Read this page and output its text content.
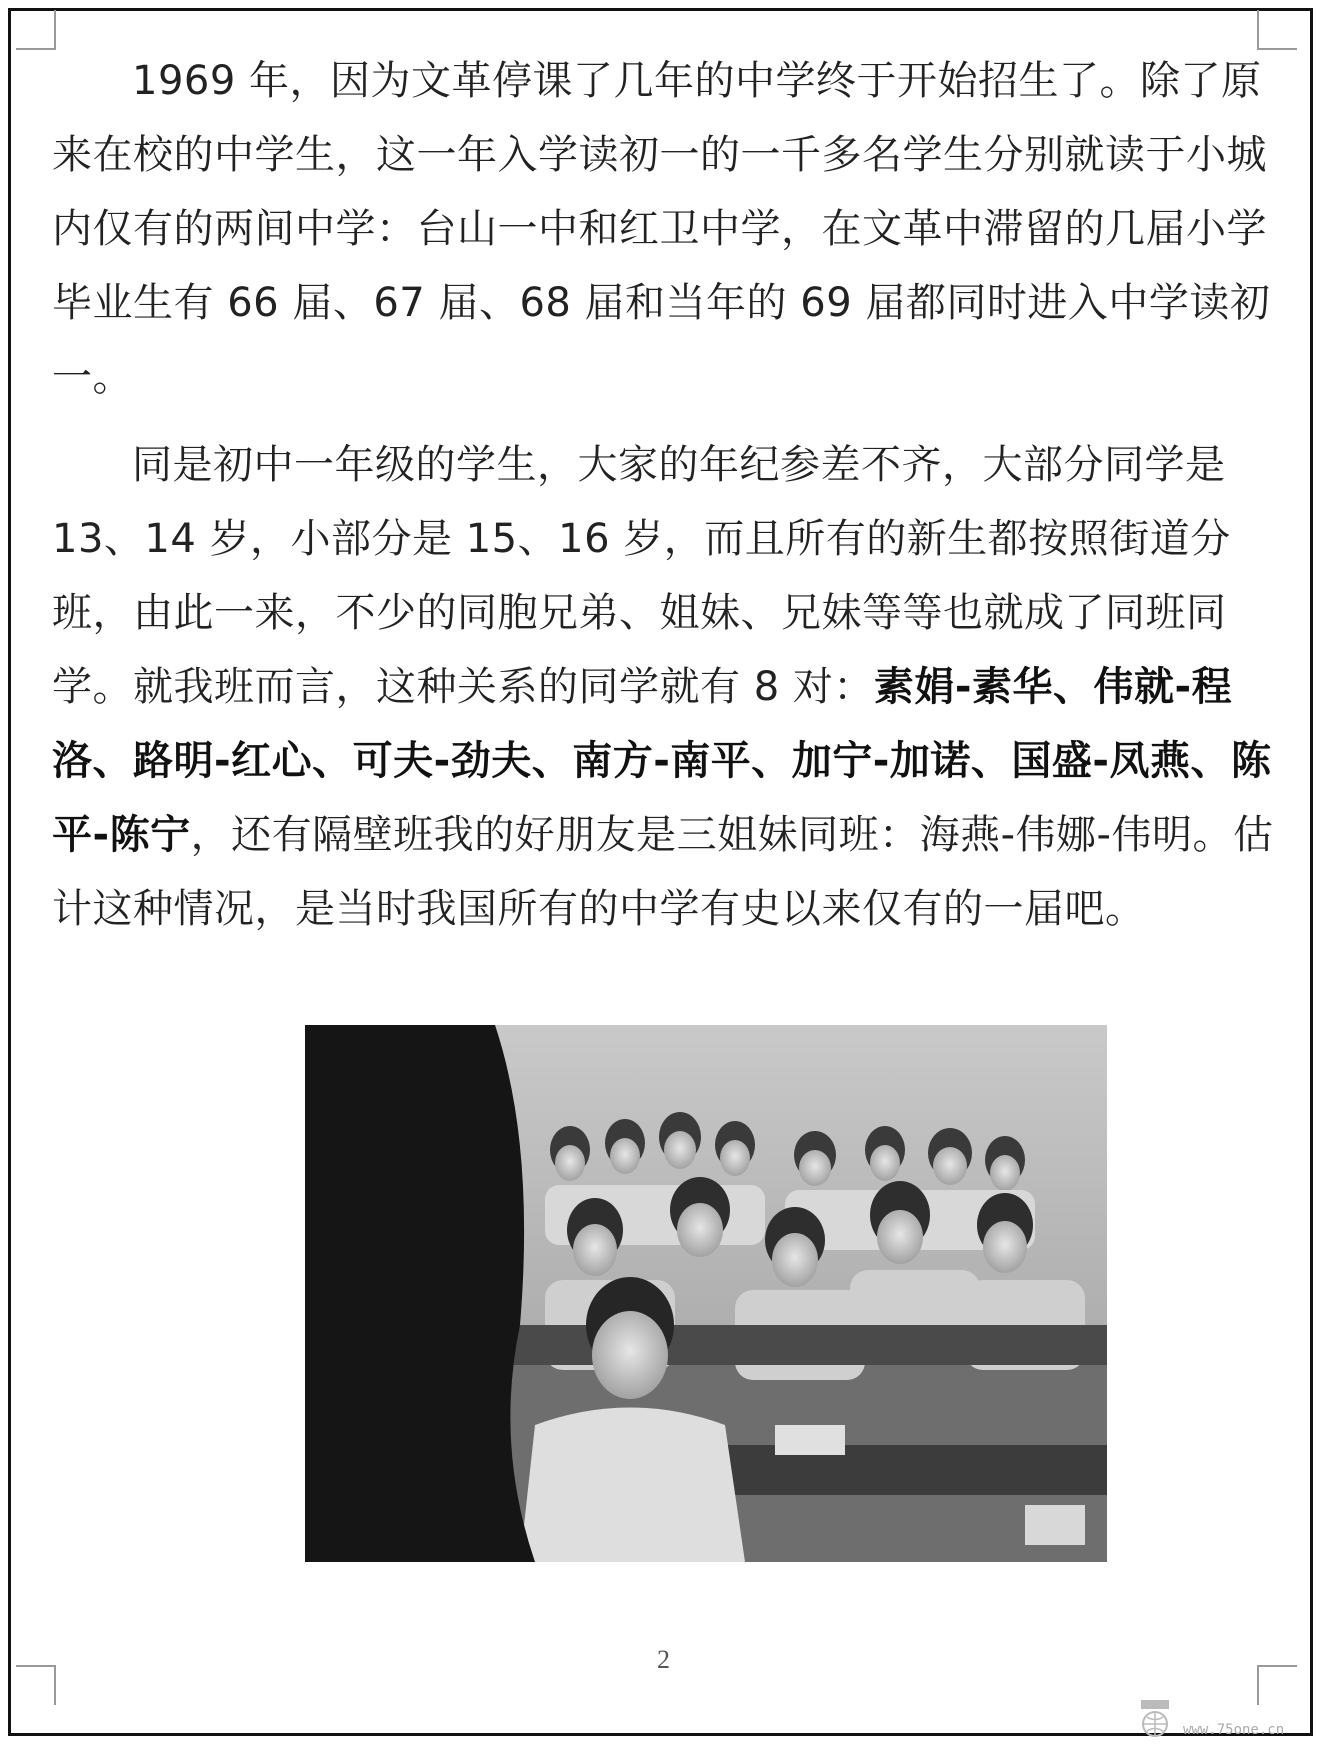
1969 年，因为文革停课了几年的中学终于开始招生了。除了原来在校的中学生，这一年入学读初一的一千多名学生分别就读于小城内仅有的两间中学：台山一中和红卫中学，在文革中滞留的几届小学毕业生有 66 届、67 届、68 届和当年的 69 届都同时进入中学读初一。

同是初中一年级的学生，大家的年纪参差不齐，大部分同学是 13、14 岁，小部分是 15、16 岁，而且所有的新生都按照街道分班，由此一来，不少的同胞兄弟、姐妹、兄妹等等也就成了同班同学。就我班而言，这种关系的同学就有 8 对：素娟-素华、伟就-程洛、路明-红心、可夫-劲夫、南方-南平、加宁-加诺、国盛-凤燕、陈平-陈宁，还有隔壁班我的好朋友是三姐妹同班：海燕-伟娜-伟明。估计这种情况，是当时我国所有的中学有史以来仅有的一届吧。

2
www.75one.cn
